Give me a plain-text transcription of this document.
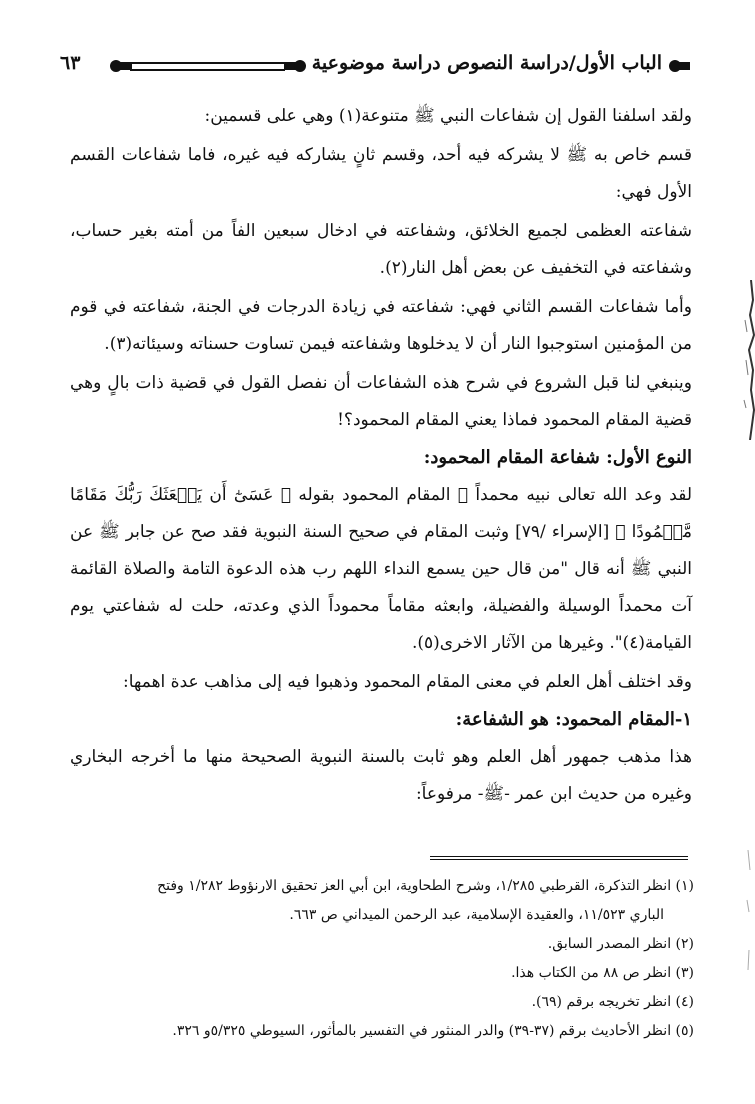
الباب الأول/دراسة النصوص دراسة موضوعية
٦٣

ولقد اسلفنا القول إن شفاعات النبي ﷺ متنوعة(١) وهي على قسمين:

قسم خاص به ﷺ لا يشركه فيه أحد، وقسم ثانٍ يشاركه فيه غيره، فاما شفاعات القسم الأول فهي:

شفاعته العظمى لجميع الخلائق، وشفاعته في ادخال سبعين الفاً من أمته بغير حساب، وشفاعته في التخفيف عن بعض أهل النار(٢).

وأما شفاعات القسم الثاني فهي: شفاعته في زيادة الدرجات في الجنة، شفاعته في قوم من المؤمنين استوجبوا النار أن لا يدخلوها وشفاعته فيمن تساوت حسناته وسيئاته(٣).

وينبغي لنا قبل الشروع في شرح هذه الشفاعات أن نفصل القول في قضية ذات بالٍ وهي قضية المقام المحمود فماذا يعني المقام المحمود؟!

النوع الأول: شفاعة المقام المحمود:

لقد وعد الله تعالى نبيه محمداً ﷺ المقام المحمود بقوله ﴿ عَسَىٰٓ أَن يَبۡعَثَكَ رَبُّكَ مَقَامًا مَّحۡمُودًا ﴾ [الإسراء /٧٩] وثبت المقام في صحيح السنة النبوية فقد صح عن جابر ﷺ عن النبي ﷺ أنه قال "من قال حين يسمع النداء اللهم رب هذه الدعوة التامة والصلاة القائمة آت محمداً الوسيلة والفضيلة، وابعثه مقاماً محموداً الذي وعدته، حلت له شفاعتي يوم القيامة(٤)". وغيرها من الآثار الاخرى(٥).

وقد اختلف أهل العلم في معنى المقام المحمود وذهبوا فيه إلى مذاهب عدة اهمها:

١-المقام المحمود: هو الشفاعة:

هذا مذهب جمهور أهل العلم وهو ثابت بالسنة النبوية الصحيحة منها ما أخرجه البخاري وغيره من حديث ابن عمر -ﷺ- مرفوعاً:

(١) انظر التذكرة، القرطبي ١/٢٨٥، وشرح الطحاوية، ابن أبي العز تحقيق الارنؤوط ١/٢٨٢ وفتح
الباري ١١/٥٢٣، والعقيدة الإسلامية، عبد الرحمن الميداني ص ٦٦٣.
(٢) انظر المصدر السابق.
(٣) انظر ص ٨٨ من الكتاب هذا.
(٤) انظر تخريجه برقم (٦٩).
(٥) انظر الأحاديث برقم (٣٧-٣٩) والدر المنثور في التفسير بالمأثور، السيوطي ٥/٣٢٥و ٣٢٦.
